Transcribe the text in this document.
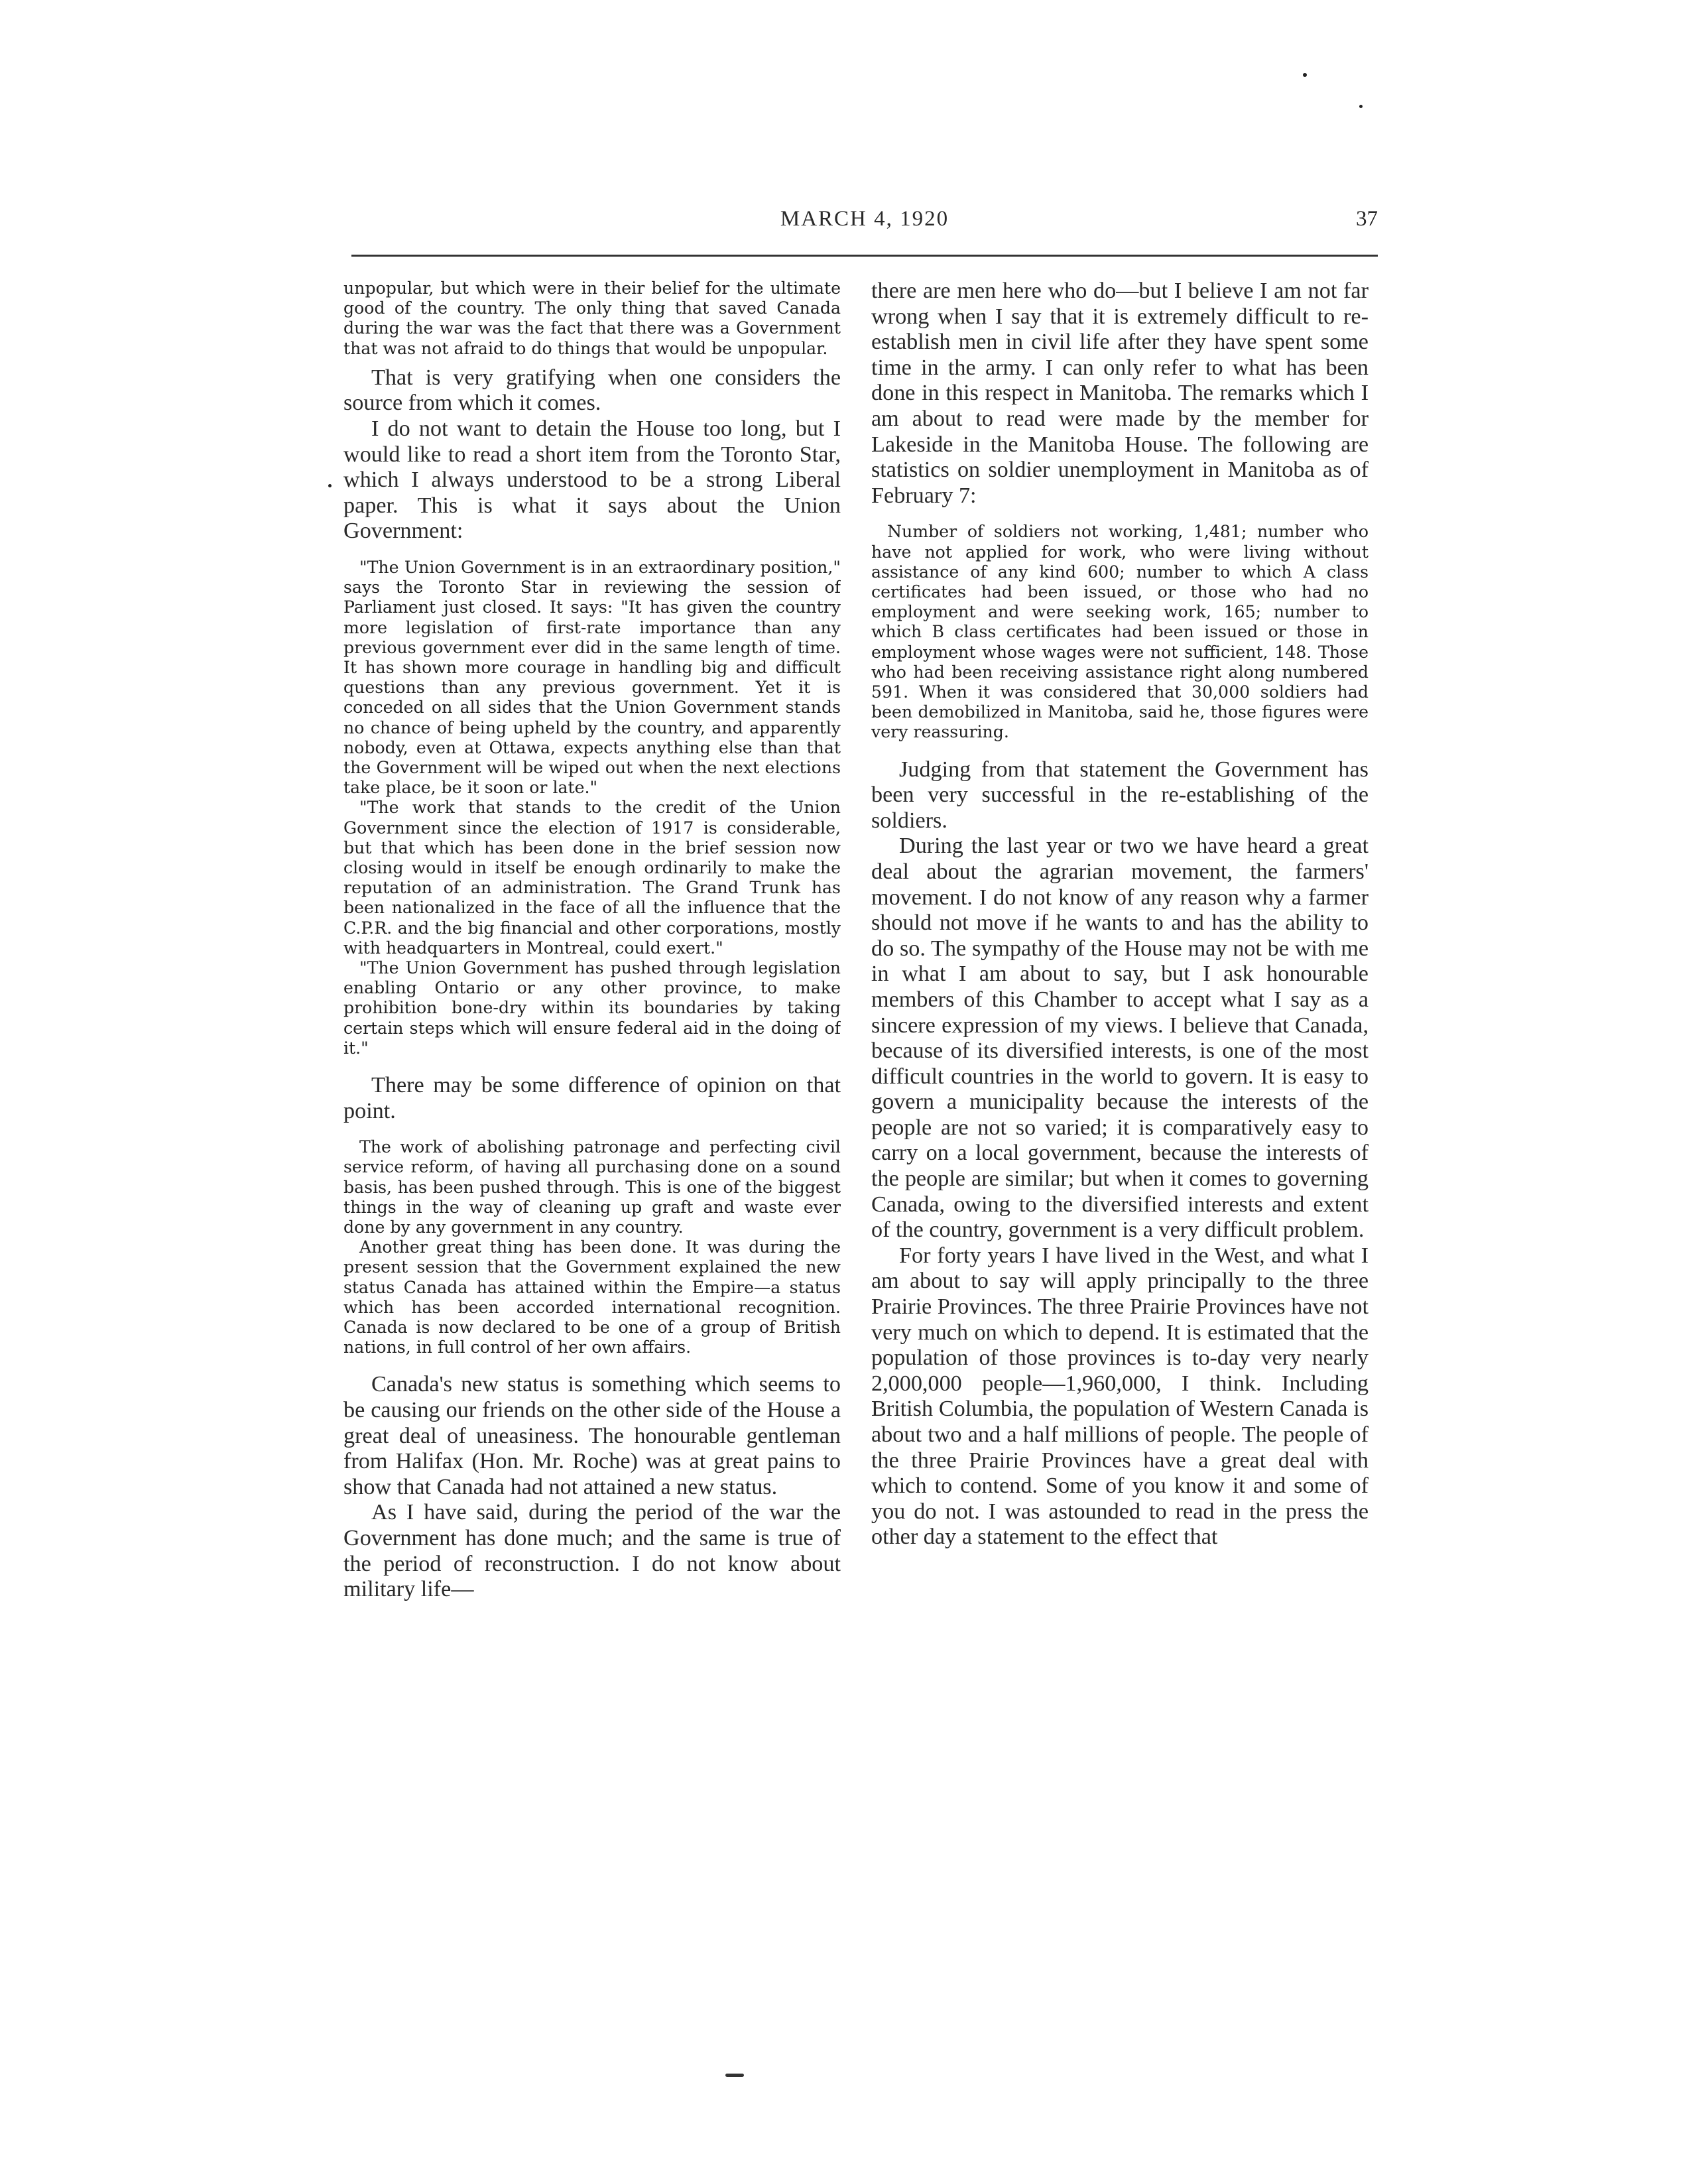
MARCH 4, 1920	37

unpopular, but which were in their belief for the ultimate good of the country. The only thing that saved Canada during the war was the fact that there was a Government that was not afraid to do things that would be unpopular.

That is very gratifying when one considers the source from which it comes.

I do not want to detain the House too long, but I would like to read a short item from the Toronto Star, which I always understood to be a strong Liberal paper. This is what it says about the Union Government:

"The Union Government is in an extraordinary position," says the Toronto Star in reviewing the session of Parliament just closed. It says: "It has given the country more legislation of first-rate importance than any previous government ever did in the same length of time. It has shown more courage in handling big and difficult questions than any previous government. Yet it is conceded on all sides that the Union Government stands no chance of being upheld by the country, and apparently nobody, even at Ottawa, expects anything else than that the Government will be wiped out when the next elections take place, be it soon or late."

"The work that stands to the credit of the Union Government since the election of 1917 is considerable, but that which has been done in the brief session now closing would in itself be enough ordinarily to make the reputation of an administration. The Grand Trunk has been nationalized in the face of all the influence that the C.P.R. and the big financial and other corporations, mostly with headquarters in Montreal, could exert."

"The Union Government has pushed through legislation enabling Ontario or any other province, to make prohibition bone-dry within its boundaries by taking certain steps which will ensure federal aid in the doing of it."

There may be some difference of opinion on that point.

The work of abolishing patronage and perfecting civil service reform, of having all purchasing done on a sound basis, has been pushed through. This is one of the biggest things in the way of cleaning up graft and waste ever done by any government in any country.

Another great thing has been done. It was during the present session that the Government explained the new status Canada has attained within the Empire—a status which has been accorded international recognition. Canada is now declared to be one of a group of British nations, in full control of her own affairs.

Canada's new status is something which seems to be causing our friends on the other side of the House a great deal of uneasiness. The honourable gentleman from Halifax (Hon. Mr. Roche) was at great pains to show that Canada had not attained a new status.

As I have said, during the period of the war the Government has done much; and the same is true of the period of reconstruction. I do not know about military life—

there are men here who do—but I believe I am not far wrong when I say that it is extremely difficult to re-establish men in civil life after they have spent some time in the army. I can only refer to what has been done in this respect in Manitoba. The remarks which I am about to read were made by the member for Lakeside in the Manitoba House. The following are statistics on soldier unemployment in Manitoba as of February 7:

Number of soldiers not working, 1,481; number who have not applied for work, who were living without assistance of any kind 600; number to which A class certificates had been issued, or those who had no employment and were seeking work, 165; number to which B class certificates had been issued or those in employment whose wages were not sufficient, 148. Those who had been receiving assistance right along numbered 591. When it was considered that 30,000 soldiers had been demobilized in Manitoba, said he, those figures were very reassuring.

Judging from that statement the Government has been very successful in the re-establishing of the soldiers.

During the last year or two we have heard a great deal about the agrarian movement, the farmers' movement. I do not know of any reason why a farmer should not move if he wants to and has the ability to do so. The sympathy of the House may not be with me in what I am about to say, but I ask honourable members of this Chamber to accept what I say as a sincere expression of my views. I believe that Canada, because of its diversified interests, is one of the most difficult countries in the world to govern. It is easy to govern a municipality because the interests of the people are not so varied; it is comparatively easy to carry on a local government, because the interests of the people are similar; but when it comes to governing Canada, owing to the diversified interests and extent of the country, government is a very difficult problem.

For forty years I have lived in the West, and what I am about to say will apply principally to the three Prairie Provinces. The three Prairie Provinces have not very much on which to depend. It is estimated that the population of those provinces is to-day very nearly 2,000,000 people—1,960,000, I think. Including British Columbia, the population of Western Canada is about two and a half millions of people. The people of the three Prairie Provinces have a great deal with which to contend. Some of you know it and some of you do not. I was astounded to read in the press the other day a statement to the effect that
